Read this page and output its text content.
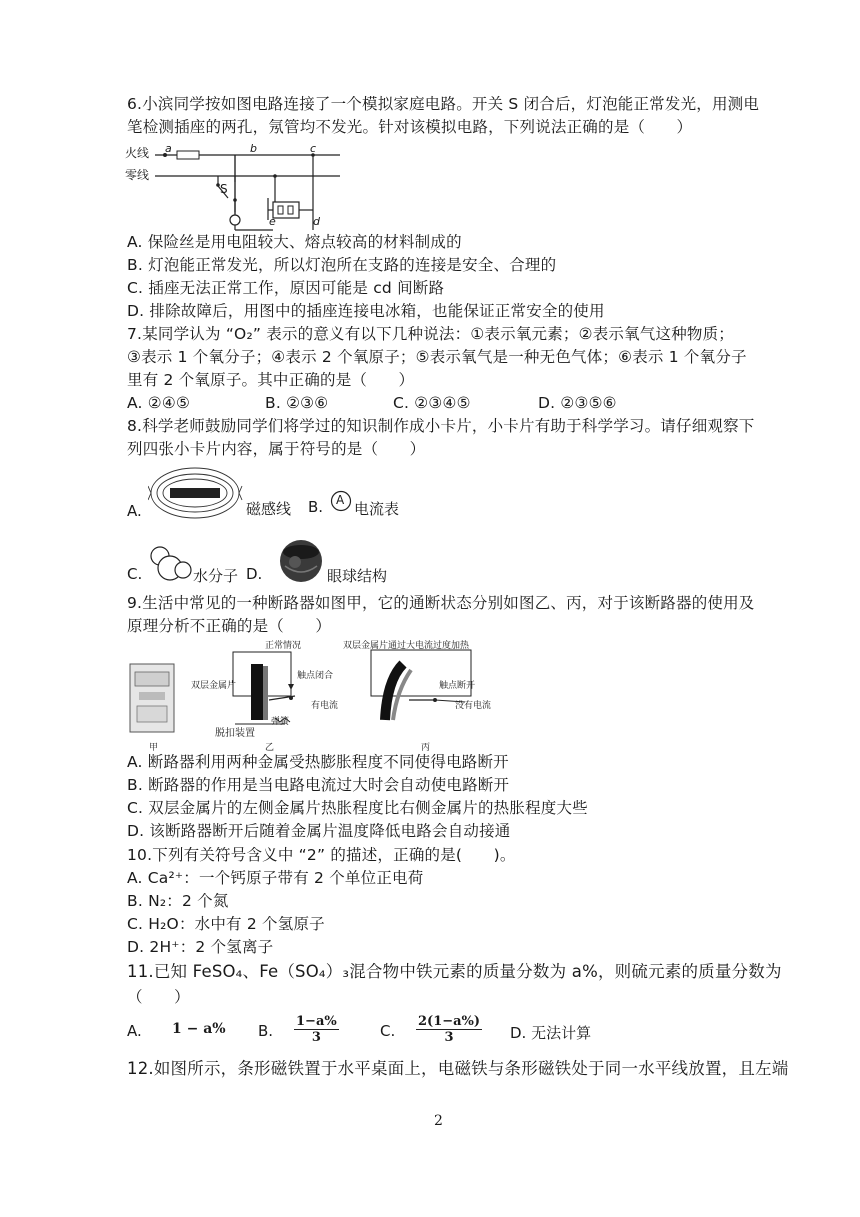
6.小滨同学按如图电路连接了一个模拟家庭电路。开关 S 闭合后，灯泡能正常发光，用测电
笔检测插座的两孔，氖管均不发光。针对该模拟电路，下列说法正确的是（　　）
火线
零线
a	b	c
e	d
S
A. 保险丝是用电阻较大、熔点较高的材料制成的
B. 灯泡能正常发光，所以灯泡所在支路的连接是安全、合理的
C. 插座无法正常工作，原因可能是 cd 间断路
D. 排除故障后，用图中的插座连接电冰箱，也能保证正常安全的使用
7.某同学认为 “O₂” 表示的意义有以下几种说法：①表示氧元素；②表示氧气这种物质；
③表示 1 个氧分子；④表示 2 个氧原子；⑤表示氧气是一种无色气体；⑥表示 1 个氧分子
里有 2 个氧原子。其中正确的是（　　）
A. ②④⑤	B. ②③⑥	C. ②③④⑤	D. ②③⑤⑥
8.科学老师鼓励同学们将学过的知识制作成小卡片，小卡片有助于科学学习。请仔细观察下
列四张小卡片内容，属于符号的是（　　）
A.	磁感线 B. A 电流表
C.	水分子 D.	眼球结构
9.生活中常见的一种断路器如图甲，它的通断状态分别如图乙、丙，对于该断路器的使用及
原理分析不正确的是（　　）
正常情况
触点闭合
双层金属片
有电流
脱扣装置
弹簧
双层金属片通过大电流过度加热
触点断开
没有电流
甲	乙	丙
A. 断路器利用两种金属受热膨胀程度不同使得电路断开
B. 断路器的作用是当电路电流过大时会自动使电路断开
C. 双层金属片的左侧金属片热胀程度比右侧金属片的热胀程度大些
D. 该断路器断开后随着金属片温度降低电路会自动接通
10.下列有关符号含义中 “2” 的描述，正确的是(　　)。
A. Ca²⁺：一个钙原子带有 2 个单位正电荷
B. N₂：2 个氮
C. H₂O：水中有 2 个氢原子
D. 2H⁺：2 个氢离子
11.已知 FeSO₄、Fe（SO₄）₃混合物中铁元素的质量分数为 a%，则硫元素的质量分数为
（　　）
A. 1 − a% B. $\frac{1-a\%}{3}$	C. $\frac{2(1-a\%)}{3} D$. 无法计算
12.如图所示，条形磁铁置于水平桌面上，电磁铁与条形磁铁处于同一水平线放置，且左端
2
